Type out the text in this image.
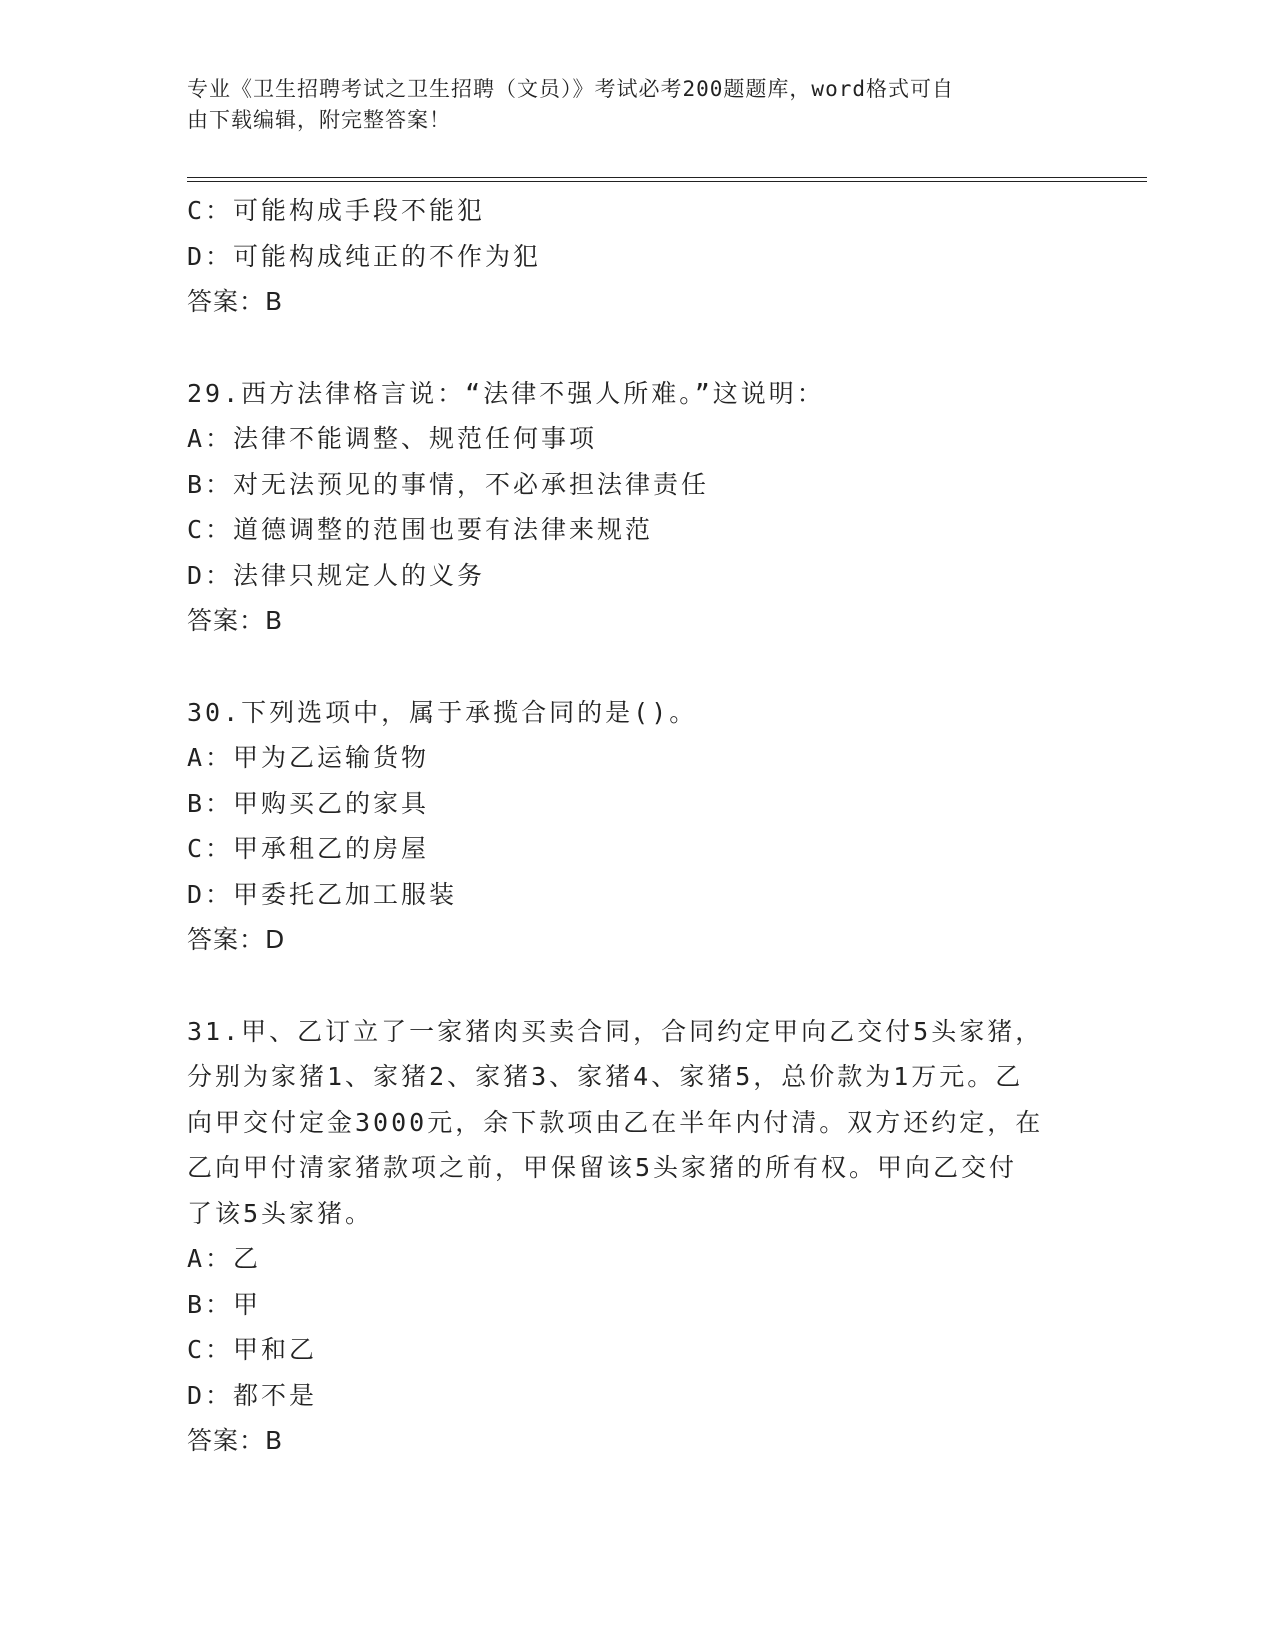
专业《卫生招聘考试之卫生招聘（文员）》考试必考200题题库，word格式可自
由下载编辑，附完整答案！
C：可能构成手段不能犯
D：可能构成纯正的不作为犯
答案：B
29.西方法律格言说：“法律不强人所难。”这说明：
A：法律不能调整、规范任何事项
B：对无法预见的事情，不必承担法律责任
C：道德调整的范围也要有法律来规范
D：法律只规定人的义务
答案：B
30.下列选项中，属于承揽合同的是()。
A：甲为乙运输货物
B：甲购买乙的家具
C：甲承租乙的房屋
D：甲委托乙加工服装
答案：D
31.甲、乙订立了一家猪肉买卖合同，合同约定甲向乙交付5头家猪，
分别为家猪1、家猪2、家猪3、家猪4、家猪5，总价款为1万元。乙
向甲交付定金3000元，余下款项由乙在半年内付清。双方还约定，在
乙向甲付清家猪款项之前，甲保留该5头家猪的所有权。甲向乙交付
了该5头家猪。
A：乙
B：甲
C：甲和乙
D：都不是
答案：B
